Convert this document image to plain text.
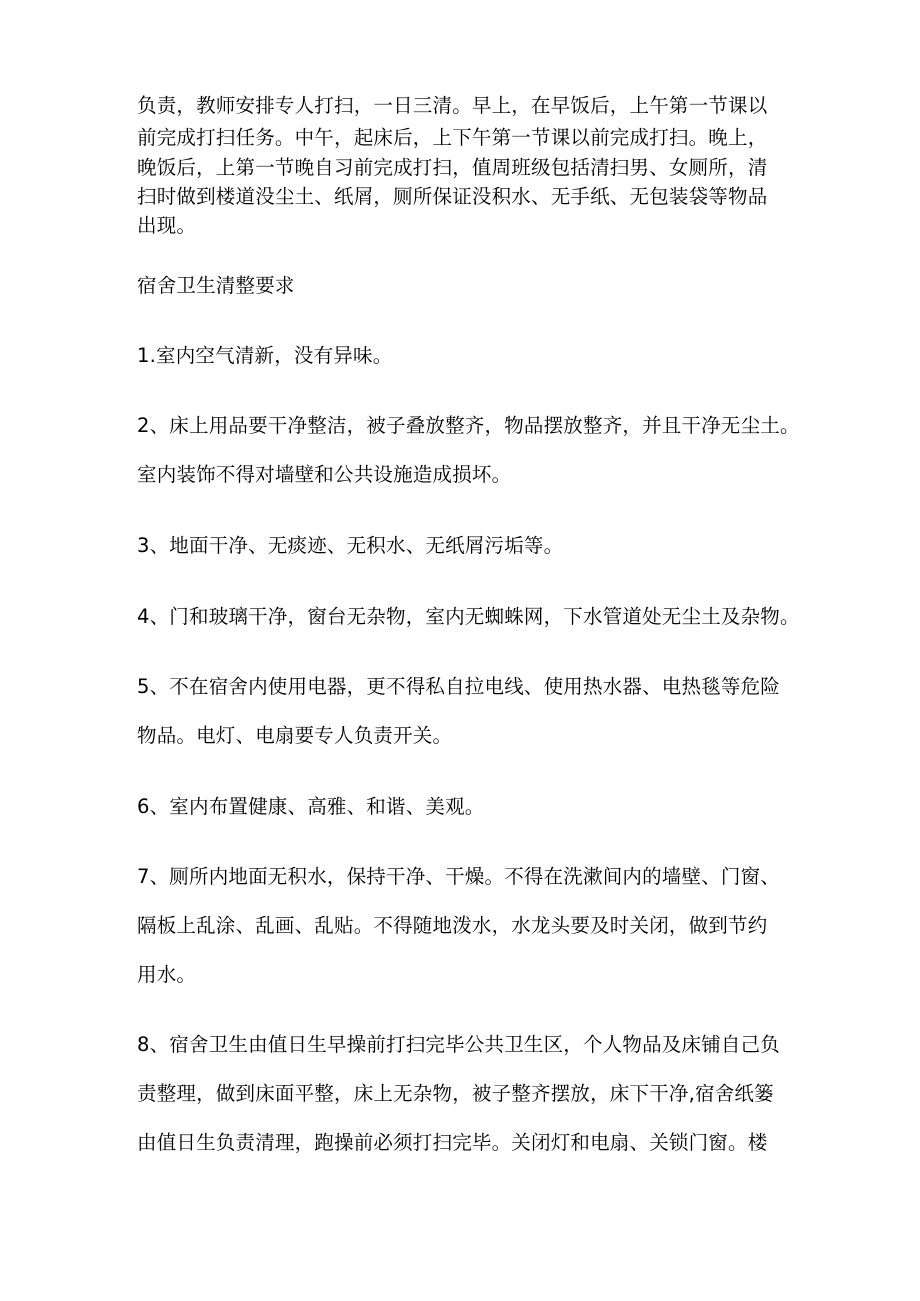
负责，教师安排专人打扫，一日三清。早上，在早饭后，上午第一节课以
前完成打扫任务。中午，起床后，上下午第一节课以前完成打扫。晚上，
晚饭后，上第一节晚自习前完成打扫，值周班级包括清扫男、女厕所，清
扫时做到楼道没尘土、纸屑，厕所保证没积水、无手纸、无包装袋等物品
出现。
宿舍卫生清整要求
1.室内空气清新，没有异味。
2、床上用品要干净整洁，被子叠放整齐，物品摆放整齐，并且干净无尘土。
室内装饰不得对墙壁和公共设施造成损坏。
3、地面干净、无痰迹、无积水、无纸屑污垢等。
4、门和玻璃干净，窗台无杂物，室内无蜘蛛网，下水管道处无尘土及杂物。
5、不在宿舍内使用电器，更不得私自拉电线、使用热水器、电热毯等危险
物品。电灯、电扇要专人负责开关。
6、室内布置健康、高雅、和谐、美观。
7、厕所内地面无积水，保持干净、干燥。不得在洗漱间内的墙壁、门窗、
隔板上乱涂、乱画、乱贴。不得随地泼水，水龙头要及时关闭，做到节约
用水。
8、宿舍卫生由值日生早操前打扫完毕公共卫生区，个人物品及床铺自己负
责整理，做到床面平整，床上无杂物，被子整齐摆放，床下干净,宿舍纸篓
由值日生负责清理，跑操前必须打扫完毕。关闭灯和电扇、关锁门窗。楼
